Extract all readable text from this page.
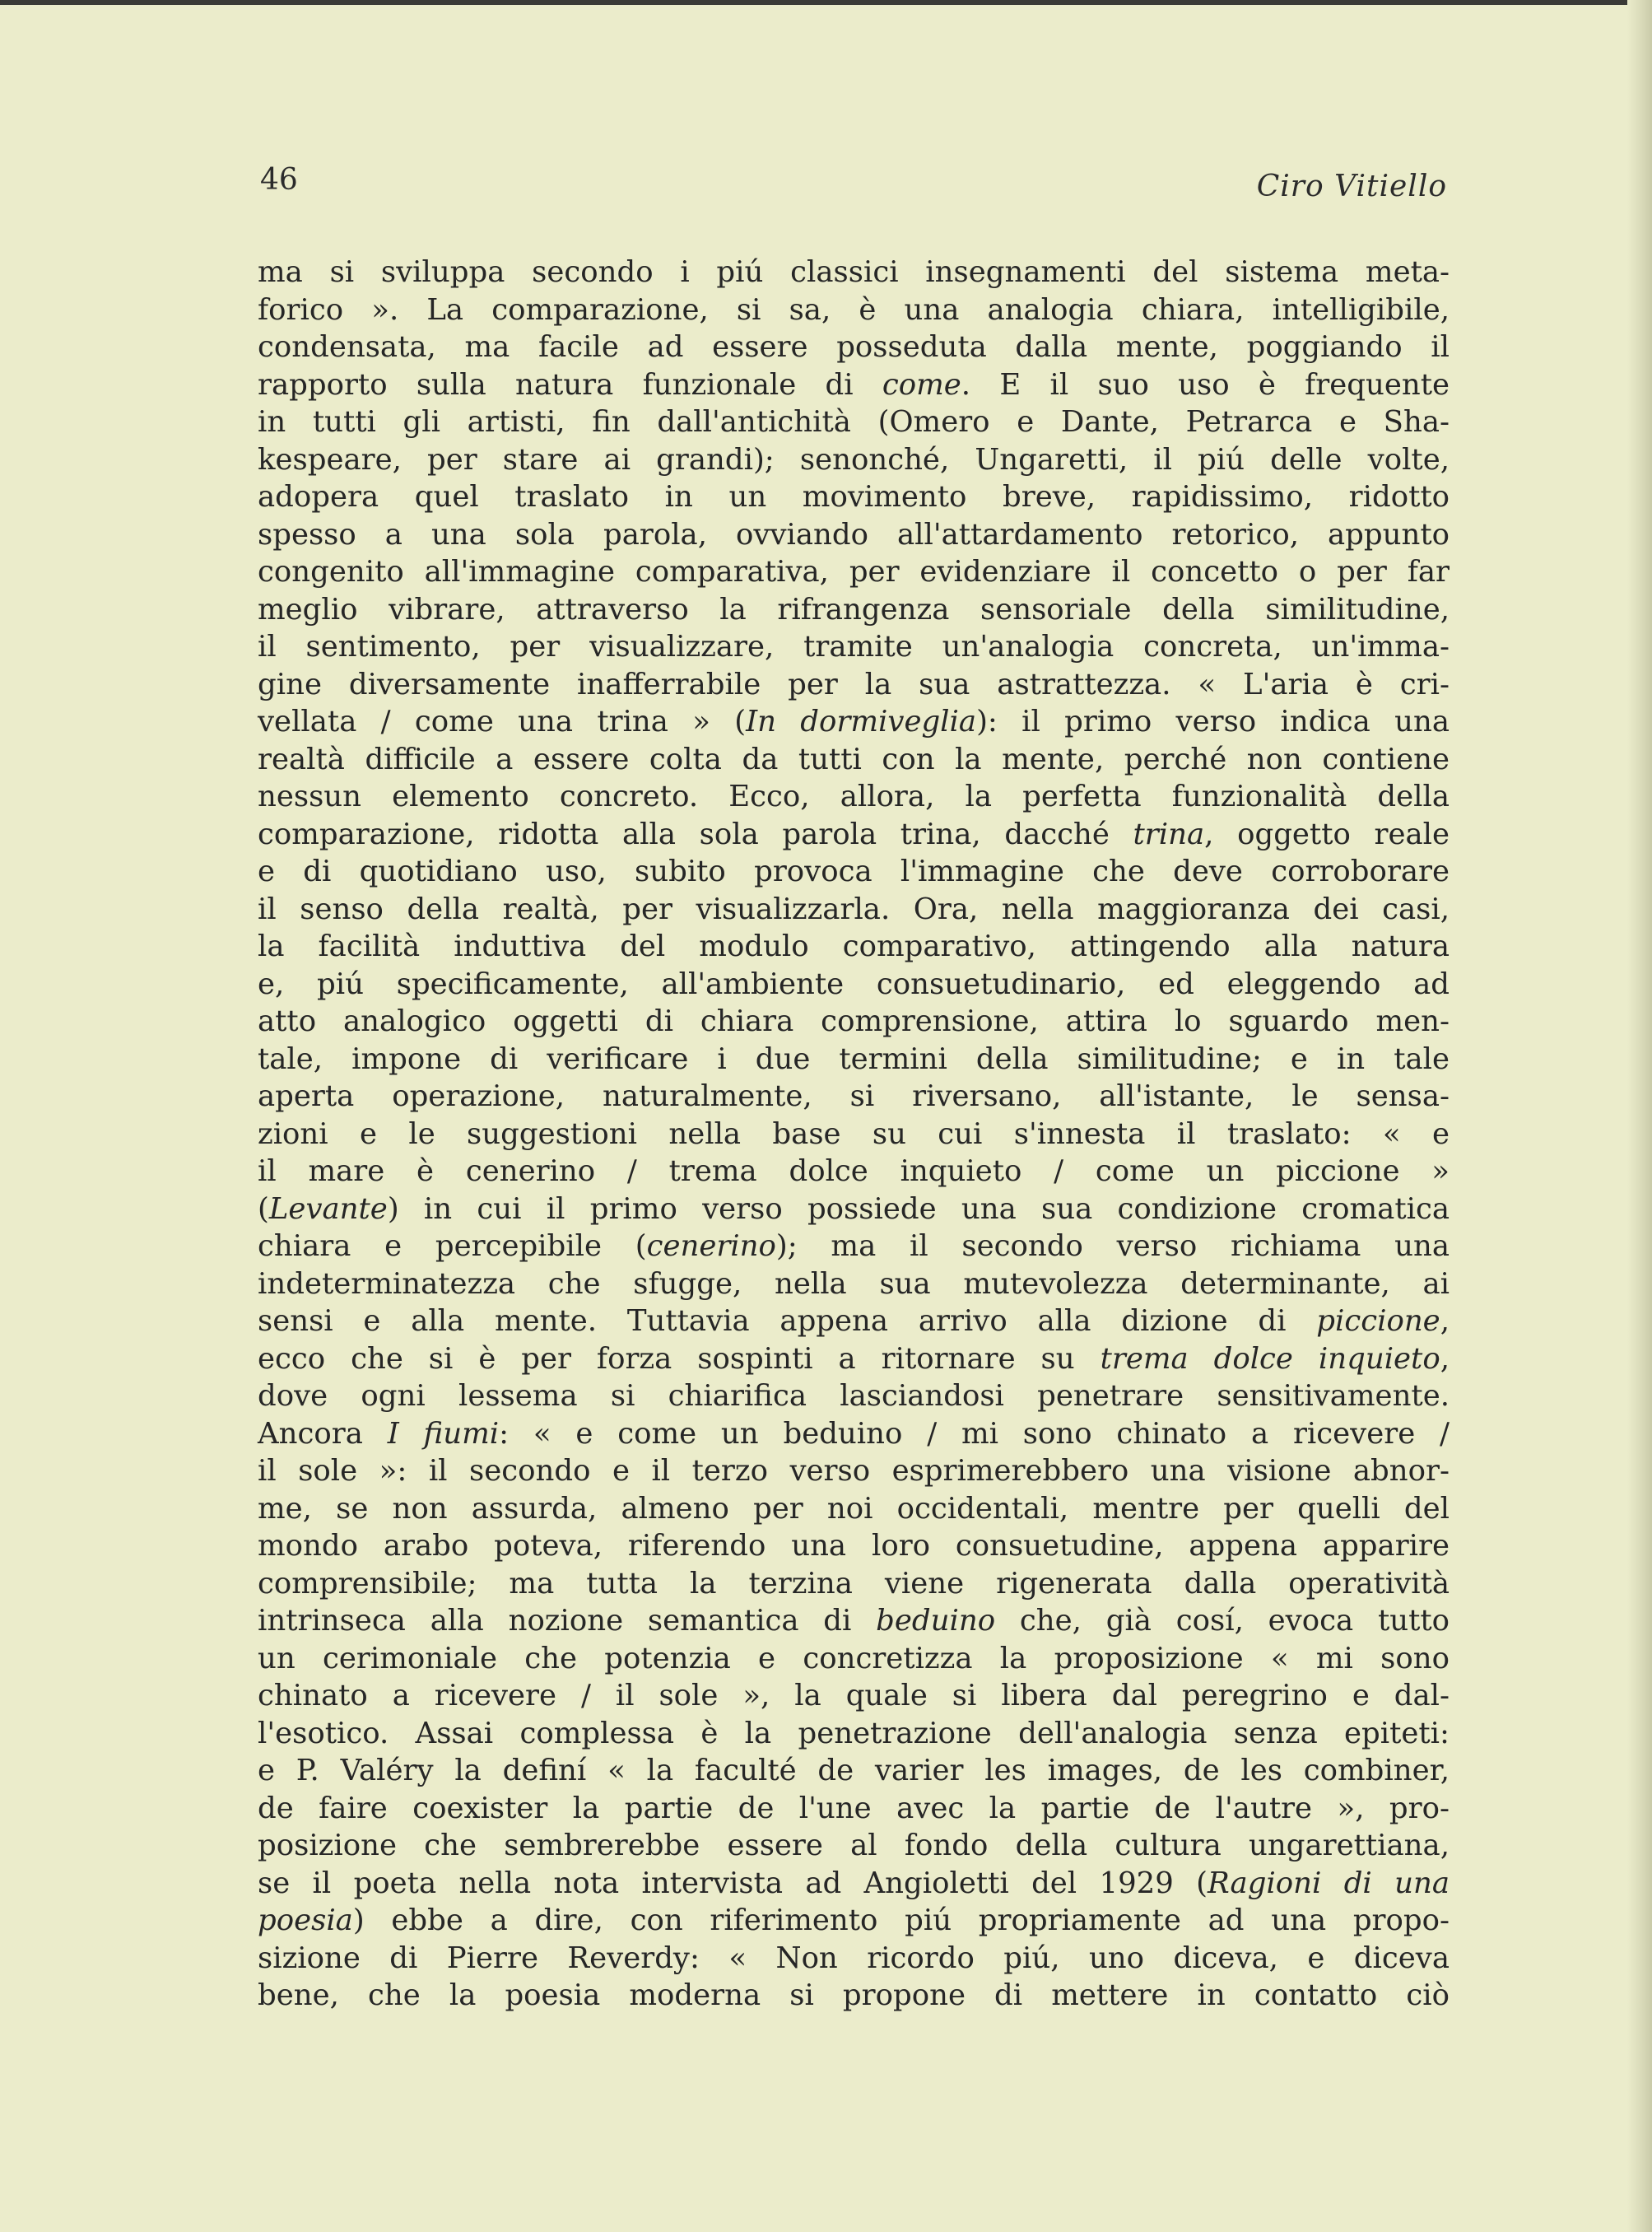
46	Ciro Vitiello
ma si sviluppa secondo i piú classici insegnamenti del sistema meta-
forico ». La comparazione, si sa, è una analogia chiara, intelligibile,
condensata, ma facile ad essere posseduta dalla mente, poggiando il
rapporto sulla natura funzionale di come. E il suo uso è frequente
in tutti gli artisti, fin dall'antichità (Omero e Dante, Petrarca e Sha-
kespeare, per stare ai grandi); senonché, Ungaretti, il piú delle volte,
adopera quel traslato in un movimento breve, rapidissimo, ridotto
spesso a una sola parola, ovviando all'attardamento retorico, appunto
congenito all'immagine comparativa, per evidenziare il concetto o per far
meglio vibrare, attraverso la rifrangenza sensoriale della similitudine,
il sentimento, per visualizzare, tramite un'analogia concreta, un'imma-
gine diversamente inafferrabile per la sua astrattezza. « L'aria è cri-
vellata / come una trina » (In dormiveglia): il primo verso indica una
realtà difficile a essere colta da tutti con la mente, perché non contiene
nessun elemento concreto. Ecco, allora, la perfetta funzionalità della
comparazione, ridotta alla sola parola trina, dacché trina, oggetto reale
e di quotidiano uso, subito provoca l'immagine che deve corroborare
il senso della realtà, per visualizzarla. Ora, nella maggioranza dei casi,
la facilità induttiva del modulo comparativo, attingendo alla natura
e, piú specificamente, all'ambiente consuetudinario, ed eleggendo ad
atto analogico oggetti di chiara comprensione, attira lo sguardo men-
tale, impone di verificare i due termini della similitudine; e in tale
aperta operazione, naturalmente, si riversano, all'istante, le sensa-
zioni e le suggestioni nella base su cui s'innesta il traslato: « e
il mare è cenerino / trema dolce inquieto / come un piccione »
(Levante) in cui il primo verso possiede una sua condizione cromatica
chiara e percepibile (cenerino); ma il secondo verso richiama una
indeterminatezza che sfugge, nella sua mutevolezza determinante, ai
sensi e alla mente. Tuttavia appena arrivo alla dizione di piccione,
ecco che si è per forza sospinti a ritornare su trema dolce inquieto,
dove ogni lessema si chiarifica lasciandosi penetrare sensitivamente.
Ancora I fiumi: « e come un beduino / mi sono chinato a ricevere /
il sole »: il secondo e il terzo verso esprimerebbero una visione abnor-
me, se non assurda, almeno per noi occidentali, mentre per quelli del
mondo arabo poteva, riferendo una loro consuetudine, appena apparire
comprensibile; ma tutta la terzina viene rigenerata dalla operatività
intrinseca alla nozione semantica di beduino che, già cosí, evoca tutto
un cerimoniale che potenzia e concretizza la proposizione « mi sono
chinato a ricevere / il sole », la quale si libera dal peregrino e dal-
l'esotico. Assai complessa è la penetrazione dell'analogia senza epiteti:
e P. Valéry la definí « la faculté de varier les images, de les combiner,
de faire coexister la partie de l'une avec la partie de l'autre », pro-
posizione che sembrerebbe essere al fondo della cultura ungarettiana,
se il poeta nella nota intervista ad Angioletti del 1929 (Ragioni di una
poesia) ebbe a dire, con riferimento piú propriamente ad una propo-
sizione di Pierre Reverdy: « Non ricordo piú, uno diceva, e diceva
bene, che la poesia moderna si propone di mettere in contatto ciò
